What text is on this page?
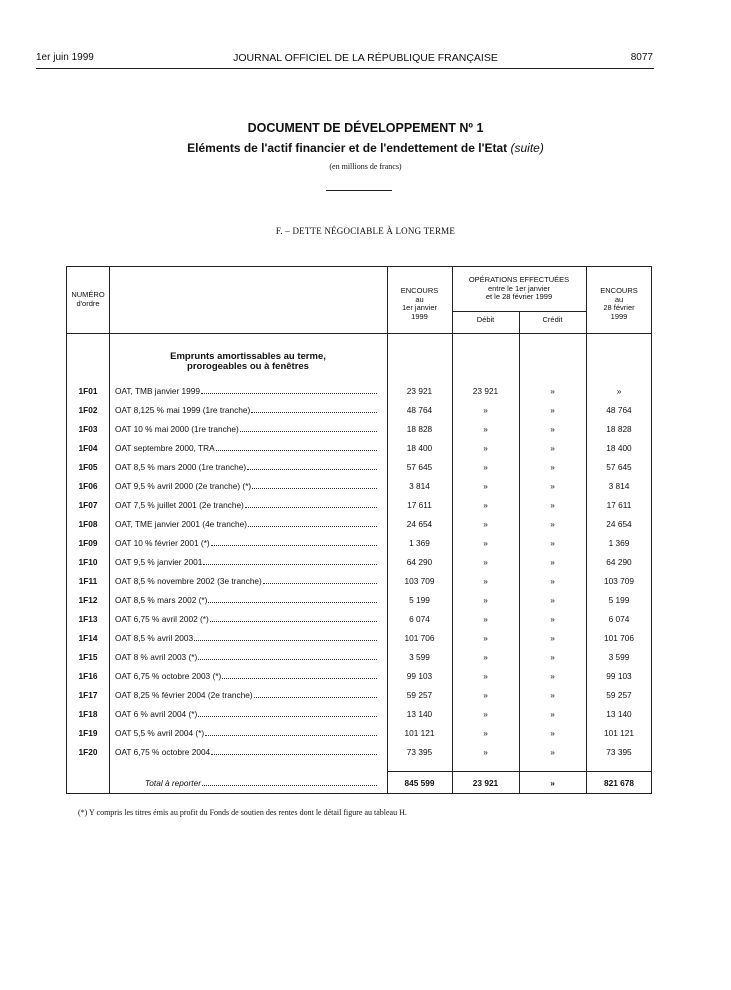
1er juin 1999	JOURNAL OFFICIEL DE LA RÉPUBLIQUE FRANÇAISE	8077
DOCUMENT DE DÉVELOPPEMENT Nº 1
Eléments de l'actif financier et de l'endettement de l'Etat (suite)
(en millions de francs)
F. – DETTE NÉGOCIABLE À LONG TERME
NUMÉRO
d'ordre
ENCOURS
au
1er janvier
1999
OPÉRATIONS EFFECTUÉES
entre le 1er janvier
et le 28 février 1999
Débit	Crédit
ENCOURS
au
28 février
1999
Emprunts amortissables au terme,
prorogeables ou à fenêtres
1F01	OAT, TMB janvier 1999	23 921	23 921	»	»
1F02	OAT 8,125 % mai 1999 (1re tranche)	48 764	»	»	48 764
1F03	OAT 10 % mai 2000 (1re tranche)	18 828	»	»	18 828
1F04	OAT septembre 2000, TRA	18 400	»	»	18 400
1F05	OAT 8,5 % mars 2000 (1re tranche)	57 645	»	»	57 645
1F06	OAT 9,5 % avril 2000 (2e tranche) (*)	3 814	»	»	3 814
1F07	OAT 7,5 % juillet 2001 (2e tranche)	17 611	»	»	17 611
1F08	OAT, TME janvier 2001 (4e tranche)	24 654	»	»	24 654
1F09	OAT 10 % février 2001 (*)	1 369	»	»	1 369
1F10	OAT 9,5 % janvier 2001	64 290	»	»	64 290
1F11	OAT 8,5 % novembre 2002 (3e tranche)	103 709	»	»	103 709
1F12	OAT 8,5 % mars 2002 (*)	5 199	»	»	5 199
1F13	OAT 6,75 % avril 2002 (*)	6 074	»	»	6 074
1F14	OAT 8,5 % avril 2003	101 706	»	»	101 706
1F15	OAT 8 % avril 2003 (*)	3 599	»	»	3 599
1F16	OAT 6,75 % octobre 2003 (*)	99 103	»	»	99 103
1F17	OAT 8,25 % février 2004 (2e tranche)	59 257	»	»	59 257
1F18	OAT 6 % avril 2004 (*)	13 140	»	»	13 140
1F19	OAT 5,5 % avril 2004 (*)	101 121	»	»	101 121
1F20	OAT 6,75 % octobre 2004	73 395	»	»	73 395
Total à reporter	845 599	23 921	»	821 678
(*) Y compris les titres émis au profit du Fonds de soutien des rentes dont le détail figure au tableau H.
